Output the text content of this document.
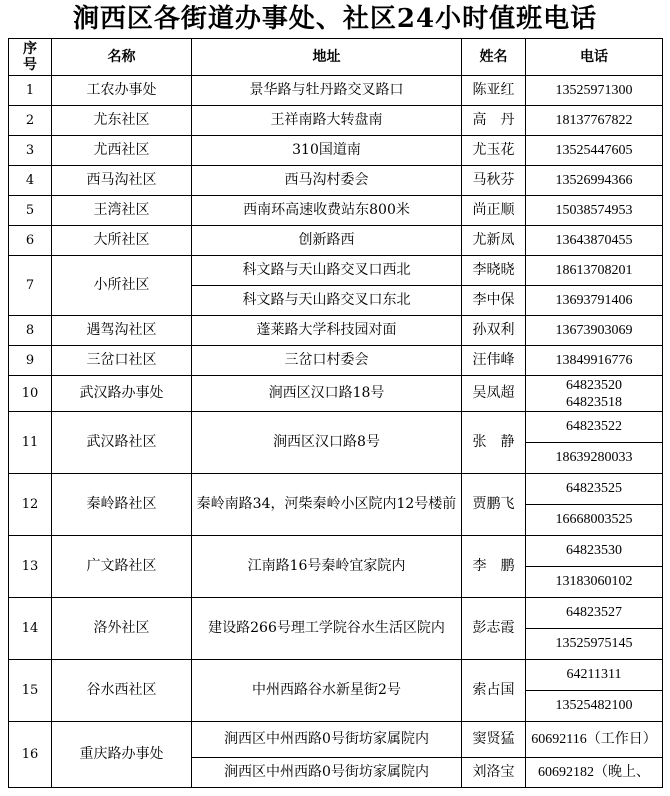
涧西区各街道办事处、社区24小时值班电话
序号	名称	地址	姓名	电话
1	工农办事处	景华路与牡丹路交叉路口	陈亚红	13525971300

2	尤东社区	王祥南路大转盘南	高　丹	18137767822

3	尤西社区	310国道南	尤玉花	13525447605

4	西马沟社区	西马沟村委会	马秋芬	13526994366

5	王湾社区	西南环高速收费站东800米	尚正顺	15038574953

6	大所社区	创新路西	尤新凤	13643870455

7	小所社区	科文路与天山路交叉口西北	李晓晓	18613708201

		科文路与天山路交叉口东北	李中保	13693791406

8	遇驾沟社区	蓬莱路大学科技园对面	孙双利	13673903069

9	三岔口社区	三岔口村委会	汪伟峰	13849916776

10	武汉路办事处	涧西区汉口路18号	吴凤超	64823520
64823518

11	武汉路社区	涧西区汉口路8号	张　静	64823522
18639280033

12	秦岭路社区	秦岭南路34，河柴秦岭小区院内12号楼前	贾鹏飞	64823525
16668003525

13	广文路社区	江南路16号秦岭宜家院内	李　鹏	64823530
13183060102

14	洛外社区	建设路266号理工学院谷水生活区院内	彭志霞	64823527
13525975145

15	谷水西社区	中州西路谷水新星街2号	索占国	64211311
13525482100

16	重庆路办事处	涧西区中州西路0号街坊家属院内	窦贤猛	60692116（工作日）

		涧西区中州西路0号街坊家属院内	刘洛宝	60692182（晚上、
